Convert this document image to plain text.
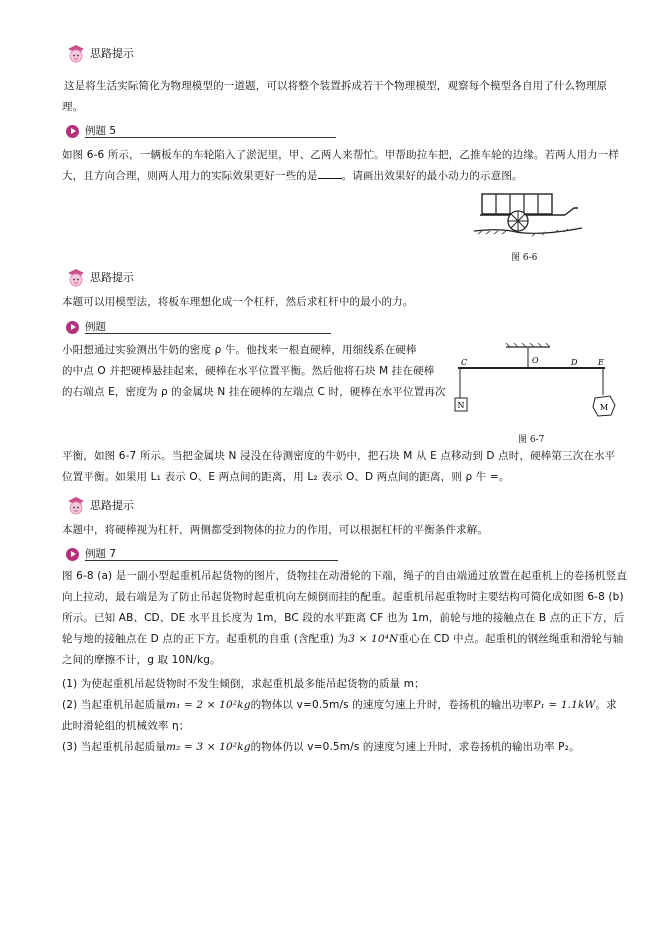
思路提示
这是将生活实际简化为物理模型的一道题，可以将整个装置拆成若干个物理模型，观察每个模型各自用了什么物理原理。
例题 5
如图 6-6 所示，一辆板车的车轮陷入了淤泥里，甲、乙两人来帮忙。甲帮助拉车把，乙推车轮的边缘。若两人用力一样大，且方向合理，则两人用力的实际效果更好一些的是 。请画出效果好的最小动力的示意图。
图 6-6
思路提示
本题可以用模型法，将板车理想化成一个杠杆，然后求杠杆中的最小的力。
例题
小阳想通过实验测出牛奶的密度 ρ 牛。他找来一根直硬棒，用细线系在硬棒
的中点 O 并把硬棒悬挂起来，硬棒在水平位置平衡。然后他将石块 M 挂在硬棒
的右端点 E，密度为 ρ 的金属块 N 挂在硬棒的左端点 C 时，硬棒在水平位置再次
N	M
C	O	D	E
图 6-7
平衡，如图 6-7 所示。当把金属块 N 浸没在待测密度的牛奶中，把石块 M 从 E 点移动到 D 点时，硬棒第三次在水平位置平衡。如果用 L₁ 表示 O、E 两点间的距离，用 L₂ 表示 O、D 两点间的距离，则 ρ 牛 =。
思路提示
本题中，将硬棒视为杠杆，两侧都受到物体的拉力的作用，可以根据杠杆的平衡条件求解。
例题 7
图 6-8 (a) 是一副小型起重机吊起货物的图片，货物挂在动滑轮的下端，绳子的自由端通过放置在起重机上的卷扬机竖直向上拉动，最右端是为了防止吊起货物时起重机向左倾倒而挂的配重。起重机吊起重物时主要结构可简化成如图 6-8 (b) 所示。已知 AB、CD、DE 水平且长度为 1m，BC 段的水平距离 CF 也为 1m，前轮与地的接触点在 B 点的正下方，后轮与地的接触点在 D 点的正下方。起重机的自重 (含配重) 为3 × 10⁴N重心在 CD 中点。起重机的钢丝绳重和滑轮与轴之间的摩擦不计，g 取 10N/kg。
(1) 为使起重机吊起货物时不发生倾倒，求起重机最多能吊起货物的质量 m；
(2) 当起重机吊起质量m₁ = 2 × 10²kg的物体以 v=0.5m/s 的速度匀速上升时，卷扬机的输出功率P₁ = 1.1kW。求此时滑轮组的机械效率 η；
(3) 当起重机吊起质量m₂ = 3 × 10²kg的物体仍以 v=0.5m/s 的速度匀速上升时，求卷扬机的输出功率 P₂。
